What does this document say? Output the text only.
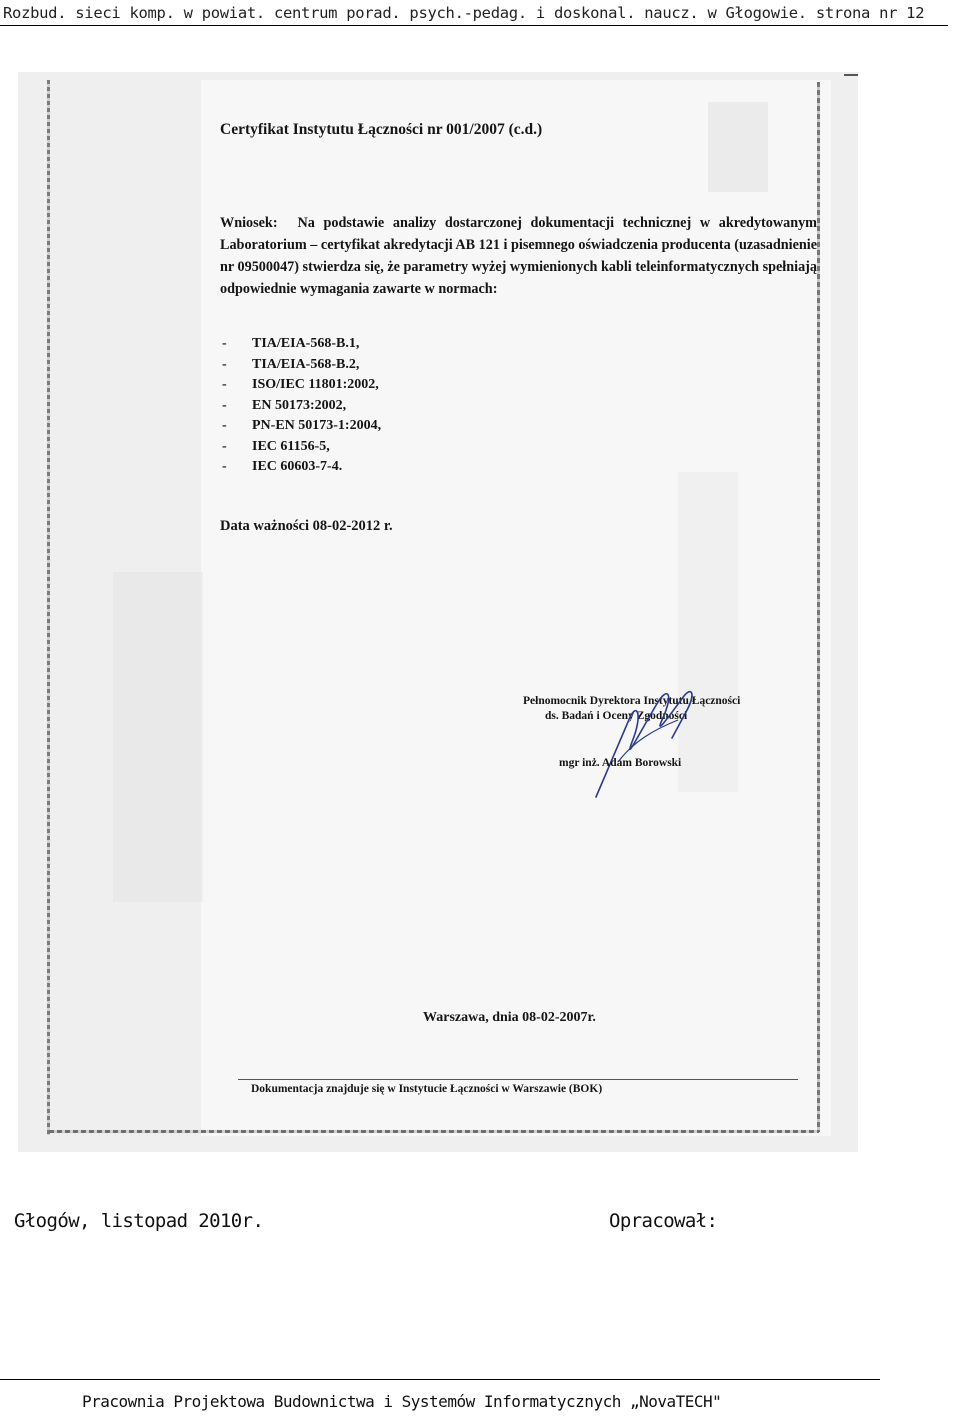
Rozbud. sieci komp. w powiat. centrum porad. psych.-pedag. i doskonal. naucz. w Głogowie. strona nr 12
Certyfikat Instytutu Łączności nr 001/2007 (c.d.)
Wniosek: Na podstawie analizy dostarczonej dokumentacji technicznej w akredytowanym Laboratorium – certyfikat akredytacji AB 121 i pisemnego oświadczenia producenta (uzasadnienie nr 09500047) stwierdza się, że parametry wyżej wymienionych kabli teleinformatycznych spełniają odpowiednie wymagania zawarte w normach:
- TIA/EIA-568-B.1,
- TIA/EIA-568-B.2,
- ISO/IEC 11801:2002,
- EN 50173:2002,
- PN-EN 50173-1:2004,
- IEC 61156-5,
- IEC 60603-7-4.
Data ważności 08-02-2012 r.
Pełnomocnik Dyrektora Instytutu Łączności
ds. Badań i Oceny Zgodności
mgr inż. Adam Borowski
Warszawa, dnia 08-02-2007r.
Dokumentacja znajduje się w Instytucie Łączności w Warszawie (BOK)
Głogów, listopad 2010r.	Opracował:
Pracownia Projektowa Budownictwa i Systemów Informatycznych „NovaTECH"
